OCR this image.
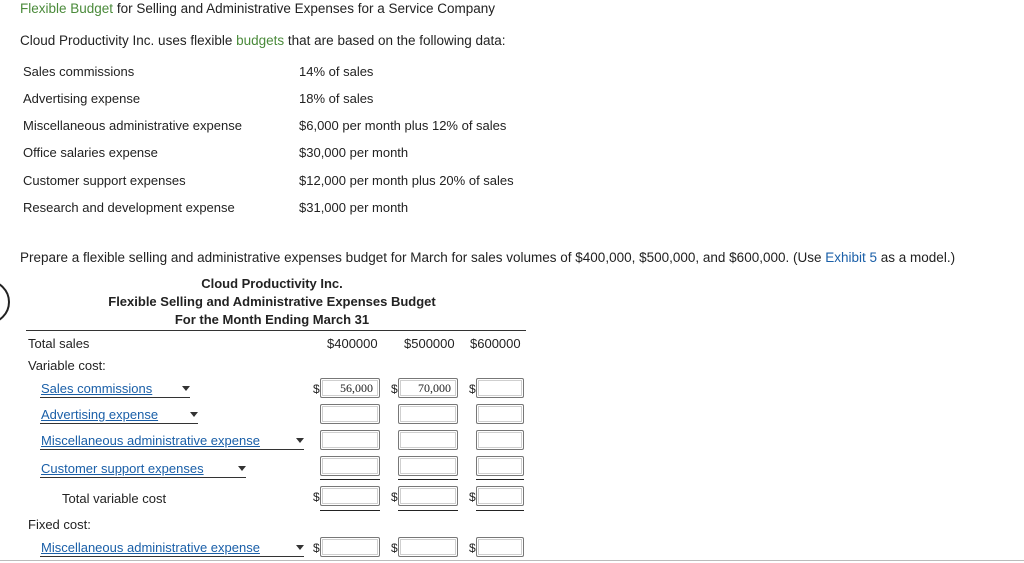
Flexible Budget for Selling and Administrative Expenses for a Service Company
Cloud Productivity Inc. uses flexible budgets that are based on the following data:
Sales commissions	14% of sales
Advertising expense	18% of sales
Miscellaneous administrative expense	$6,000 per month plus 12% of sales
Office salaries expense	$30,000 per month
Customer support expenses	$12,000 per month plus 20% of sales
Research and development expense	$31,000 per month
Prepare a flexible selling and administrative expenses budget for March for sales volumes of $400,000, $500,000, and $600,000. (Use Exhibit 5 as a model.)
Cloud Productivity Inc.
Flexible Selling and Administrative Expenses Budget
For the Month Ending March 31
Total sales	$400000 $500000 $600000
Variable cost:
Sales commissions	$	56,000	$	70,000	$
Advertising expense
Miscellaneous administrative expense
Customer support expenses
Total variable cost	$	$	$
Fixed cost:
Miscellaneous administrative expense	$	$	$
